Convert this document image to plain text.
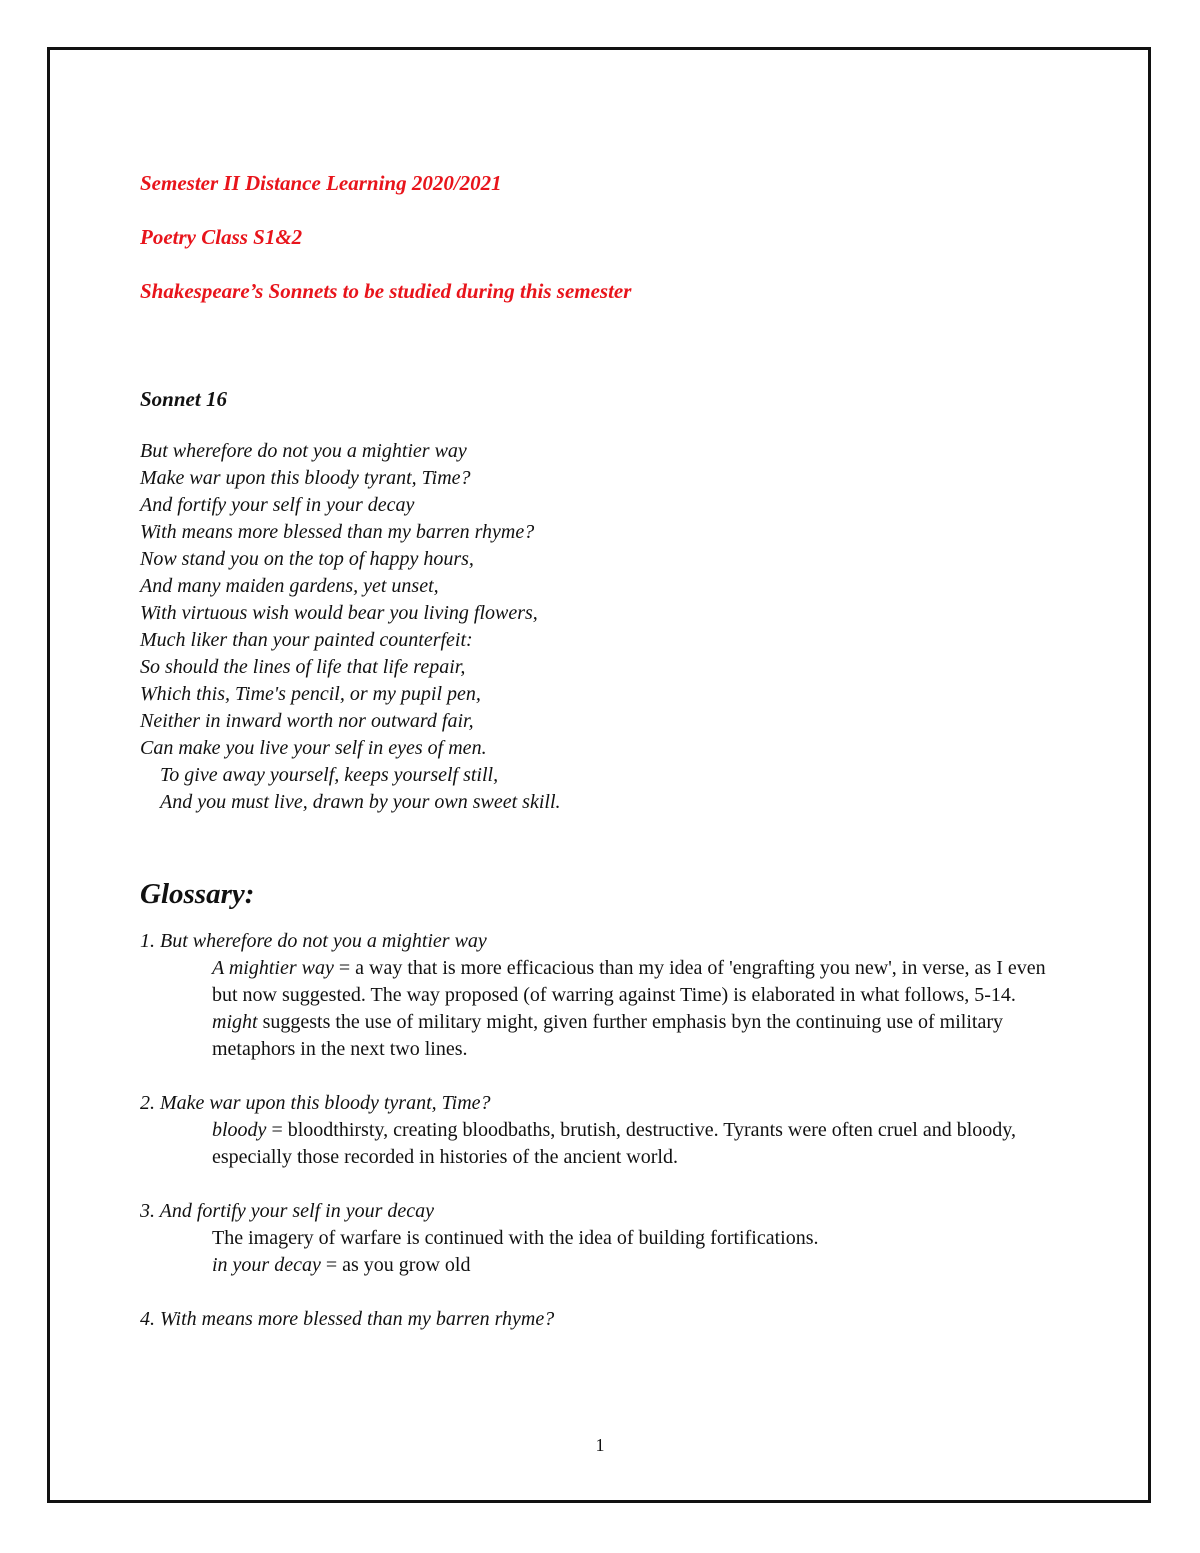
Semester II Distance Learning 2020/2021
Poetry Class S1&2
Shakespeare’s Sonnets to be studied during this semester
Sonnet 16
But wherefore do not you a mightier way
Make war upon this bloody tyrant, Time?
And fortify your self in your decay
With means more blessed than my barren rhyme?
Now stand you on the top of happy hours,
And many maiden gardens, yet unset,
With virtuous wish would bear you living flowers,
Much liker than your painted counterfeit:
So should the lines of life that life repair,
Which this, Time's pencil, or my pupil pen,
Neither in inward worth nor outward fair,
Can make you live your self in eyes of men.
To give away yourself, keeps yourself still,
And you must live, drawn by your own sweet skill.
Glossary:
1. But wherefore do not you a mightier way

A mightier way = a way that is more efficacious than my idea of 'engrafting you new', in verse, as I even but now suggested. The way proposed (of warring against Time) is elaborated in what follows, 5-14. might suggests the use of military might, given further emphasis byn the continuing use of military metaphors in the next two lines.

2. Make war upon this bloody tyrant, Time?

bloody = bloodthirsty, creating bloodbaths, brutish, destructive. Tyrants were often cruel and bloody, especially those recorded in histories of the ancient world.

3. And fortify your self in your decay

The imagery of warfare is continued with the idea of building fortifications.

in your decay = as you grow old

4. With means more blessed than my barren rhyme?
1
